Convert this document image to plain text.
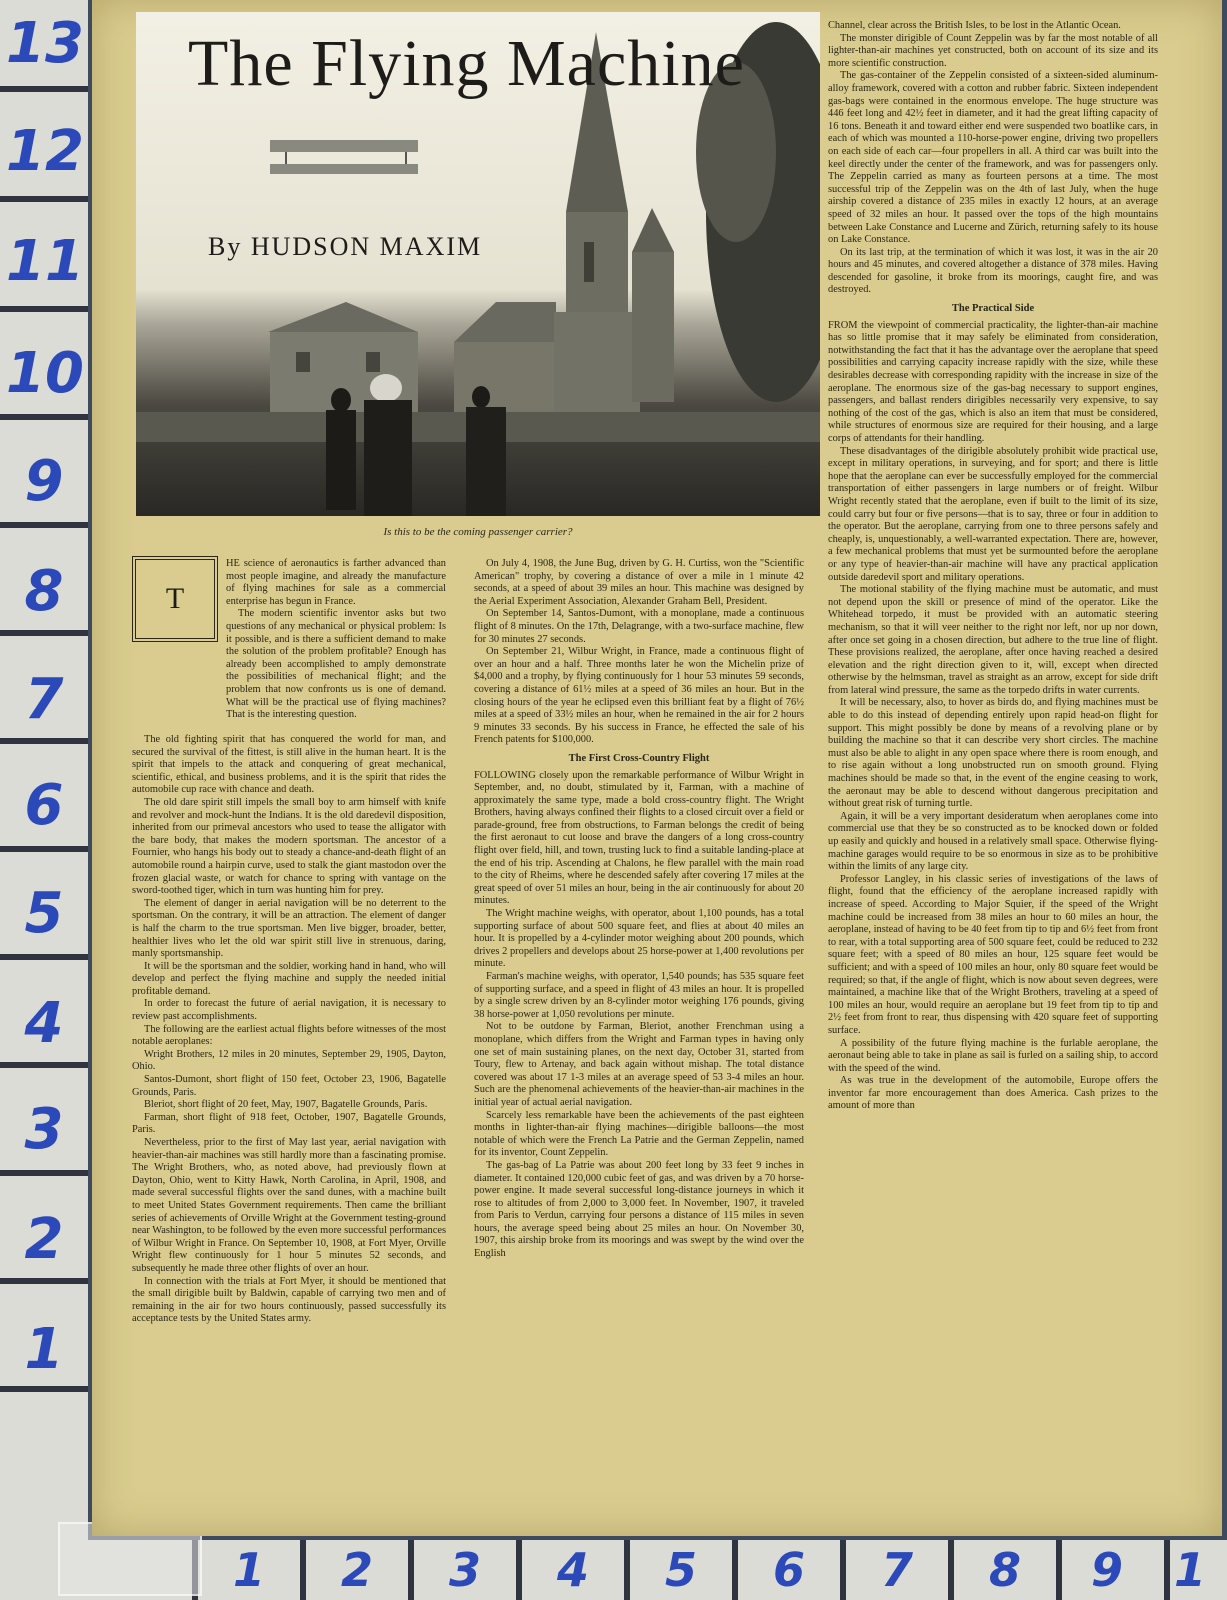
13
12
11
10
9
8
7
6
5
4
3
2
1
1	2	3	4	5	6	7	8	9	1
The Flying Machine
By HUDSON MAXIM
Is this to be the coming passenger carrier?
T

HE science of aeronautics is farther advanced than most people imagine, and already the manufacture of flying machines for sale as a commercial enterprise has begun in France.

The modern scientific inventor asks but two questions of any mechanical or physical problem: Is it possible, and is there a sufficient demand to make the solution of the problem profitable? Enough has already been accomplished to amply demonstrate the possibilities of mechanical flight; and the problem that now confronts us is one of demand. What will be the practical use of flying machines? That is the interesting question.

The old fighting spirit that has conquered the world for man, and secured the survival of the fittest, is still alive in the human heart. It is the spirit that impels to the attack and conquering of great mechanical, scientific, ethical, and business problems, and it is the spirit that rides the automobile cup race with chance and death.

The old dare spirit still impels the small boy to arm himself with knife and revolver and mock-hunt the Indians. It is the old daredevil disposition, inherited from our primeval ancestors who used to tease the alligator with the bare body, that makes the modern sportsman. The ancestor of a Fournier, who hangs his body out to steady a chance-and-death flight of an automobile round a hairpin curve, used to stalk the giant mastodon over the frozen glacial waste, or watch for chance to spring with vantage on the sword-toothed tiger, which in turn was hunting him for prey.

The element of danger in aerial navigation will be no deterrent to the sportsman. On the contrary, it will be an attraction. The element of danger is half the charm to the true sportsman. Men live bigger, broader, better, healthier lives who let the old war spirit still live in strenuous, daring, manly sportsmanship.

It will be the sportsman and the soldier, working hand in hand, who will develop and perfect the flying machine and supply the needed initial profitable demand.

In order to forecast the future of aerial navigation, it is necessary to review past accomplishments.

The following are the earliest actual flights before witnesses of the most notable aeroplanes:

Wright Brothers, 12 miles in 20 minutes, September 29, 1905, Dayton, Ohio.

Santos-Dumont, short flight of 150 feet, October 23, 1906, Bagatelle Grounds, Paris.

Bleriot, short flight of 20 feet, May, 1907, Bagatelle Grounds, Paris.

Farman, short flight of 918 feet, October, 1907, Bagatelle Grounds, Paris.

Nevertheless, prior to the first of May last year, aerial navigation with heavier-than-air machines was still hardly more than a fascinating promise. The Wright Brothers, who, as noted above, had previously flown at Dayton, Ohio, went to Kitty Hawk, North Carolina, in April, 1908, and made several successful flights over the sand dunes, with a machine built to meet United States Government requirements. Then came the brilliant series of achievements of Orville Wright at the Government testing-ground near Washington, to be followed by the even more successful performances of Wilbur Wright in France. On September 10, 1908, at Fort Myer, Orville Wright flew continuously for 1 hour 5 minutes 52 seconds, and subsequently he made three other flights of over an hour.

In connection with the trials at Fort Myer, it should be mentioned that the small dirigible built by Baldwin, capable of carrying two men and of remaining in the air for two hours continuously, passed successfully its acceptance tests by the United States army.

On July 4, 1908, the June Bug, driven by G. H. Curtiss, won the "Scientific American" trophy, by covering a distance of over a mile in 1 minute 42 seconds, at a speed of about 39 miles an hour. This machine was designed by the Aerial Experiment Association, Alexander Graham Bell, President.

On September 14, Santos-Dumont, with a monoplane, made a continuous flight of 8 minutes. On the 17th, Delagrange, with a two-surface machine, flew for 30 minutes 27 seconds.

On September 21, Wilbur Wright, in France, made a continuous flight of over an hour and a half. Three months later he won the Michelin prize of $4,000 and a trophy, by flying continuously for 1 hour 53 minutes 59 seconds, covering a distance of 61½ miles at a speed of 36 miles an hour. But in the closing hours of the year he eclipsed even this brilliant feat by a flight of 76½ miles at a speed of 33½ miles an hour, when he remained in the air for 2 hours 9 minutes 33 seconds. By his success in France, he effected the sale of his French patents for $100,000.

The First Cross-Country Flight

FOLLOWING closely upon the remarkable performance of Wilbur Wright in September, and, no doubt, stimulated by it, Farman, with a machine of approximately the same type, made a bold cross-country flight. The Wright Brothers, having always confined their flights to a closed circuit over a field or parade-ground, free from obstructions, to Farman belongs the credit of being the first aeronaut to cut loose and brave the dangers of a long cross-country flight over field, hill, and town, trusting luck to find a suitable landing-place at the end of his trip. Ascending at Chalons, he flew parallel with the main road to the city of Rheims, where he descended safely after covering 17 miles at the great speed of over 51 miles an hour, being in the air continuously for about 20 minutes.

The Wright machine weighs, with operator, about 1,100 pounds, has a total supporting surface of about 500 square feet, and flies at about 40 miles an hour. It is propelled by a 4-cylinder motor weighing about 200 pounds, which drives 2 propellers and develops about 25 horse-power at 1,400 revolutions per minute.

Farman's machine weighs, with operator, 1,540 pounds; has 535 square feet of supporting surface, and a speed in flight of 43 miles an hour. It is propelled by a single screw driven by an 8-cylinder motor weighing 176 pounds, giving 38 horse-power at 1,050 revolutions per minute.

Not to be outdone by Farman, Bleriot, another Frenchman using a monoplane, which differs from the Wright and Farman types in having only one set of main sustaining planes, on the next day, October 31, started from Toury, flew to Artenay, and back again without mishap. The total distance covered was about 17 1-3 miles at an average speed of 53 3-4 miles an hour. Such are the phenomenal achievements of the heavier-than-air machines in the initial year of actual aerial navigation.

Scarcely less remarkable have been the achievements of the past eighteen months in lighter-than-air flying machines—dirigible balloons—the most notable of which were the French La Patrie and the German Zeppelin, named for its inventor, Count Zeppelin.

The gas-bag of La Patrie was about 200 feet long by 33 feet 9 inches in diameter. It contained 120,000 cubic feet of gas, and was driven by a 70 horse-power engine. It made several successful long-distance journeys in which it rose to altitudes of from 2,000 to 3,000 feet. In November, 1907, it traveled from Paris to Verdun, carrying four persons a distance of 115 miles in seven hours, the average speed being about 25 miles an hour. On November 30, 1907, this airship broke from its moorings and was swept by the wind over the English

Channel, clear across the British Isles, to be lost in the Atlantic Ocean.

The monster dirigible of Count Zeppelin was by far the most notable of all lighter-than-air machines yet constructed, both on account of its size and its more scientific construction.

The gas-container of the Zeppelin consisted of a sixteen-sided aluminum-alloy framework, covered with a cotton and rubber fabric. Sixteen independent gas-bags were contained in the enormous envelope. The huge structure was 446 feet long and 42½ feet in diameter, and it had the great lifting capacity of 16 tons. Beneath it and toward either end were suspended two boatlike cars, in each of which was mounted a 110-horse-power engine, driving two propellers on each side of each car—four propellers in all. A third car was built into the keel directly under the center of the framework, and was for passengers only. The Zeppelin carried as many as fourteen persons at a time. The most successful trip of the Zeppelin was on the 4th of last July, when the huge airship covered a distance of 235 miles in exactly 12 hours, at an average speed of 32 miles an hour. It passed over the tops of the high mountains between Lake Constance and Lucerne and Zürich, returning safely to its house on Lake Constance.

On its last trip, at the termination of which it was lost, it was in the air 20 hours and 45 minutes, and covered altogether a distance of 378 miles. Having descended for gasoline, it broke from its moorings, caught fire, and was destroyed.

The Practical Side

FROM the viewpoint of commercial practicality, the lighter-than-air machine has so little promise that it may safely be eliminated from consideration, notwithstanding the fact that it has the advantage over the aeroplane that speed possibilities and carrying capacity increase rapidly with the size, while these desirables decrease with corresponding rapidity with the increase in size of the aeroplane. The enormous size of the gas-bag necessary to support engines, passengers, and ballast renders dirigibles necessarily very expensive, to say nothing of the cost of the gas, which is also an item that must be considered, while structures of enormous size are required for their housing, and a large corps of attendants for their handling.

These disadvantages of the dirigible absolutely prohibit wide practical use, except in military operations, in surveying, and for sport; and there is little hope that the aeroplane can ever be successfully employed for the commercial transportation of either passengers in large numbers or of freight. Wilbur Wright recently stated that the aeroplane, even if built to the limit of its size, could carry but four or five persons—that is to say, three or four in addition to the operator. But the aeroplane, carrying from one to three persons safely and cheaply, is, unquestionably, a well-warranted expectation. There are, however, a few mechanical problems that must yet be surmounted before the aeroplane or any type of heavier-than-air machine will have any practical application outside daredevil sport and military operations.

The motional stability of the flying machine must be automatic, and must not depend upon the skill or presence of mind of the operator. Like the Whitehead torpedo, it must be provided with an automatic steering mechanism, so that it will veer neither to the right nor left, nor up nor down, after once set going in a chosen direction, but adhere to the true line of flight. These provisions realized, the aeroplane, after once having reached a desired elevation and the right direction given to it, will, except when directed otherwise by the helmsman, travel as straight as an arrow, except for side drift from lateral wind pressure, the same as the torpedo drifts in water currents.

It will be necessary, also, to hover as birds do, and flying machines must be able to do this instead of depending entirely upon rapid head-on flight for support. This might possibly be done by means of a revolving plane or by building the machine so that it can describe very short circles. The machine must also be able to alight in any open space where there is room enough, and to rise again without a long unobstructed run on smooth ground. Flying machines should be made so that, in the event of the engine ceasing to work, the aeronaut may be able to descend without dangerous precipitation and without great risk of turning turtle.

Again, it will be a very important desideratum when aeroplanes come into commercial use that they be so constructed as to be knocked down or folded up easily and quickly and housed in a relatively small space. Otherwise flying-machine garages would require to be so enormous in size as to be prohibitive within the limits of any large city.

Professor Langley, in his classic series of investigations of the laws of flight, found that the efficiency of the aeroplane increased rapidly with increase of speed. According to Major Squier, if the speed of the Wright machine could be increased from 38 miles an hour to 60 miles an hour, the aeroplane, instead of having to be 40 feet from tip to tip and 6½ feet from front to rear, with a total supporting area of 500 square feet, could be reduced to 232 square feet; with a speed of 80 miles an hour, 125 square feet would be sufficient; and with a speed of 100 miles an hour, only 80 square feet would be required; so that, if the angle of flight, which is now about seven degrees, were maintained, a machine like that of the Wright Brothers, traveling at a speed of 100 miles an hour, would require an aeroplane but 19 feet from tip to tip and 2½ feet from front to rear, thus dispensing with 420 square feet of supporting surface.

A possibility of the future flying machine is the furlable aeroplane, the aeronaut being able to take in plane as sail is furled on a sailing ship, to accord with the speed of the wind.

As was true in the development of the automobile, Europe offers the inventor far more encouragement than does America. Cash prizes to the amount of more than
